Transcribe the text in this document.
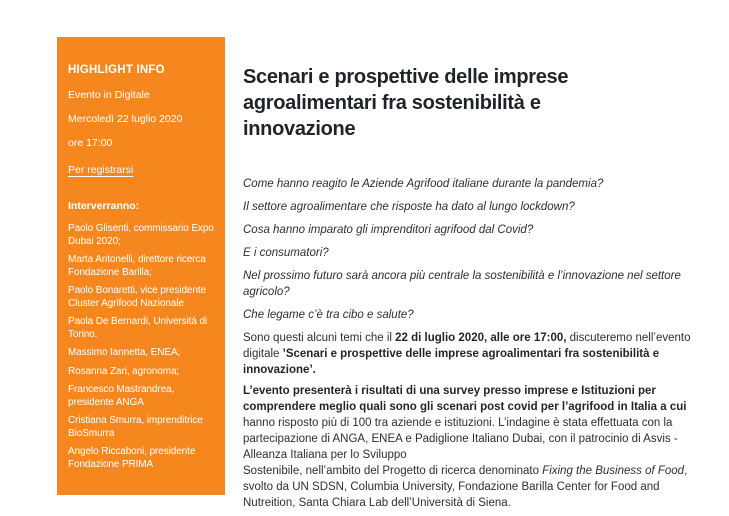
HIGHLIGHT INFO

Evento in Digitale

Mercoledì 22 luglio 2020

ore 17:00

Per registrarsi
Interverranno:
Paolo Glisenti, commissario Expo Dubai 2020;
Marta Antonelli, direttore ricerca Fondazione Barilla;
Paolo Bonaretti, vice presidente Cluster Agrifood Nazionale
Paola De Bernardi, Università di Torino.
Massimo Iannetta, ENEA;
Rosanna Zari, agronoma;
Francesco Mastrandrea, presidente ANGA
Cristiana Smurra, imprenditrice BioSmurra
Angelo Riccaboni, presidente Fondazione PRIMA
Scenari e prospettive delle imprese agroalimentari fra sostenibilità e innovazione

Come hanno reagito le Aziende Agrifood italiane durante la pandemia?

Il settore agroalimentare che risposte ha dato al lungo lockdown?

Cosa hanno imparato gli imprenditori agrifood dal Covid?

E i consumatori?

Nel prossimo futuro sarà ancora più centrale la sostenibilità e l’innovazione nel settore agricolo?

Che legame c’è tra cibo e salute?

Sono questi alcuni temi che il 22 di luglio 2020, alle ore 17:00, discuteremo nell’evento digitale ’Scenari e prospettive delle imprese agroalimentari fra sostenibilità e innovazione’.

L’evento presenterà i risultati di una survey presso imprese e Istituzioni per comprendere meglio quali sono gli scenari post covid per l’agrifood in Italia a cui hanno risposto più di 100 tra aziende e istituzioni. L’indagine è stata effettuata con la partecipazione di ANGA, ENEA e Padiglione Italiano Dubai, con il patrocinio di Asvis - Alleanza Italiana per lo Sviluppo
Sostenibile, nell’ambito del Progetto di ricerca denominato Fixing the Business of Food, svolto da UN SDSN, Columbia University, Fondazione Barilla Center for Food and Nutreition, Santa Chiara Lab dell’Università di Siena.
